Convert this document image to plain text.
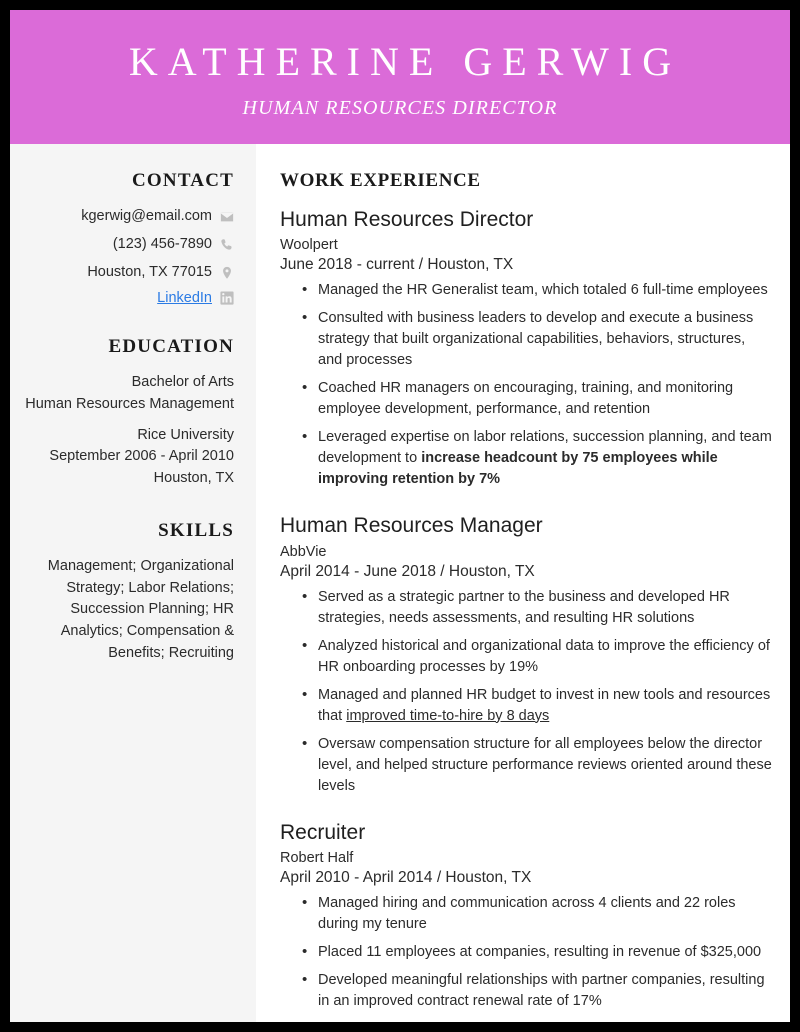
KATHERINE GERWIG
HUMAN RESOURCES DIRECTOR
CONTACT
kgerwig@email.com
(123) 456-7890
Houston, TX 77015
LinkedIn
EDUCATION
Bachelor of Arts
Human Resources Management
Rice University
September 2006 - April 2010
Houston, TX
SKILLS
Management; Organizational Strategy; Labor Relations; Succession Planning; HR Analytics; Compensation & Benefits; Recruiting
WORK EXPERIENCE
Human Resources Director
Woolpert
June 2018 - current / Houston, TX
• Managed the HR Generalist team, which totaled 6 full-time employees
• Consulted with business leaders to develop and execute a business strategy that built organizational capabilities, behaviors, structures, and processes
• Coached HR managers on encouraging, training, and monitoring employee development, performance, and retention
• Leveraged expertise on labor relations, succession planning, and team development to increase headcount by 75 employees while improving retention by 7%
Human Resources Manager
AbbVie
April 2014 - June 2018 / Houston, TX
• Served as a strategic partner to the business and developed HR strategies, needs assessments, and resulting HR solutions
• Analyzed historical and organizational data to improve the efficiency of HR onboarding processes by 19%
• Managed and planned HR budget to invest in new tools and resources that improved time-to-hire by 8 days
• Oversaw compensation structure for all employees below the director level, and helped structure performance reviews oriented around these levels
Recruiter
Robert Half
April 2010 - April 2014 / Houston, TX
• Managed hiring and communication across 4 clients and 22 roles during my tenure
• Placed 11 employees at companies, resulting in revenue of $325,000
• Developed meaningful relationships with partner companies, resulting in an improved contract renewal rate of 17%
